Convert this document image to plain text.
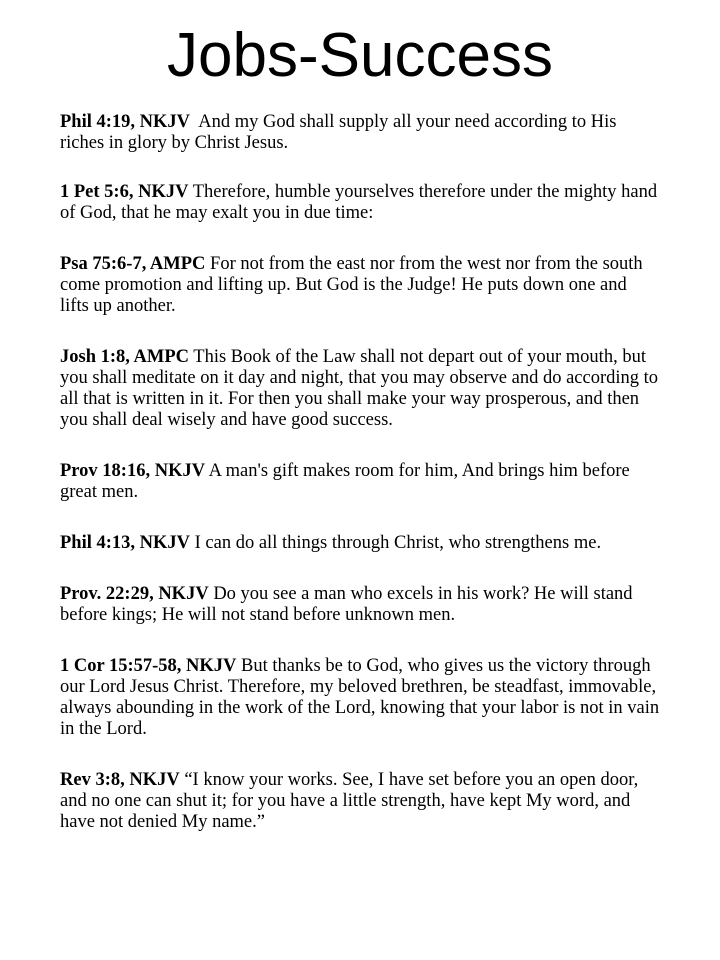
Jobs-Success
Phil 4:19, NKJV  And my God shall supply all your need according to His riches in glory by Christ Jesus.
1 Pet 5:6, NKJV Therefore, humble yourselves therefore under the mighty hand of God, that he may exalt you in due time:
Psa 75:6-7, AMPC For not from the east nor from the west nor from the south come promotion and lifting up. But God is the Judge! He puts down one and lifts up another.
Josh 1:8, AMPC This Book of the Law shall not depart out of your mouth, but you shall meditate on it day and night, that you may observe and do according to all that is written in it. For then you shall make your way prosperous, and then you shall deal wisely and have good success.
Prov 18:16, NKJV A man's gift makes room for him, And brings him before great men.
Phil 4:13, NKJV I can do all things through Christ, who strengthens me.
Prov. 22:29, NKJV Do you see a man who excels in his work? He will stand before kings; He will not stand before unknown men.
1 Cor 15:57-58, NKJV But thanks be to God, who gives us the victory through our Lord Jesus Christ. Therefore, my beloved brethren, be steadfast, immovable, always abounding in the work of the Lord, knowing that your labor is not in vain in the Lord.
Rev 3:8, NKJV “I know your works. See, I have set before you an open door, and no one can shut it; for you have a little strength, have kept My word, and have not denied My name.”
